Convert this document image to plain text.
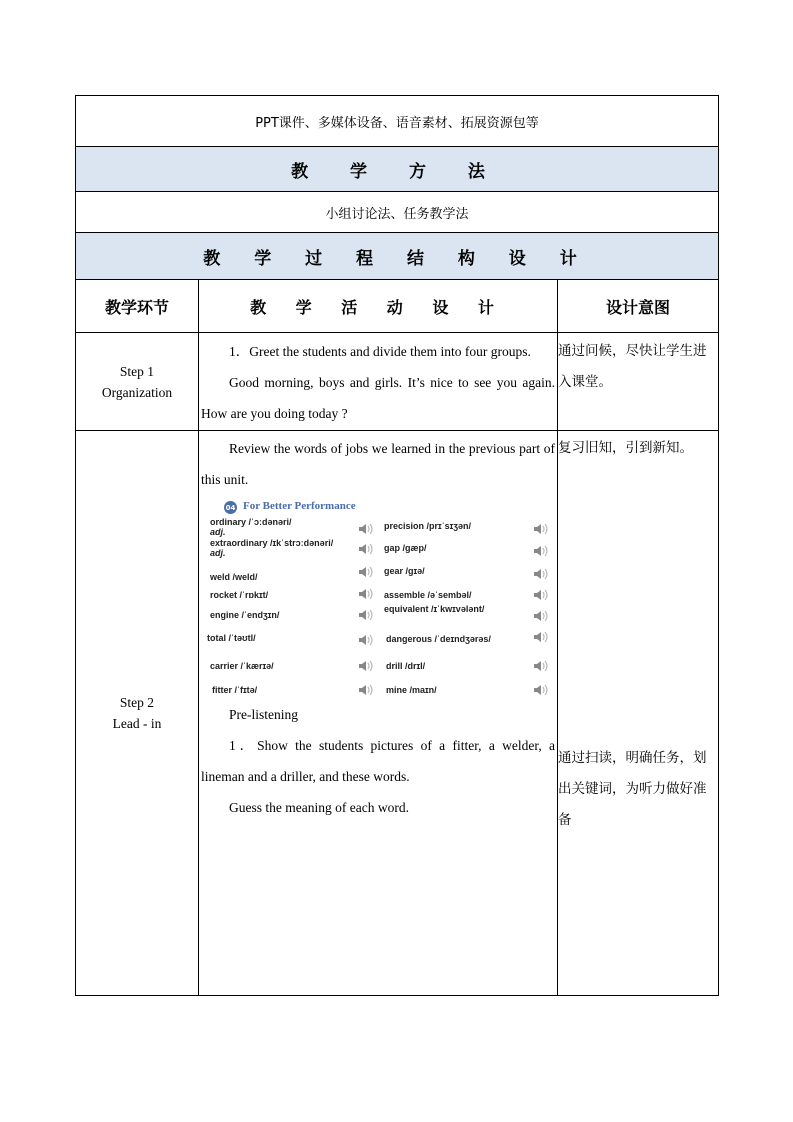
PPT课件、多媒体设备、语音素材、拓展资源包等
教 学 方 法
小组讨论法、任务教学法
教 学 过 程 结 构 设 计
教学环节	教 学 活 动 设 计	设计意图
Step 1
Organization

1．Greet the students and divide them into four groups.

Good morning, boys and girls. It’s nice to see you again. How are you doing today ?

通过问候，尽快让学生进入课堂。
Step 2
Lead - in

Review the words of jobs we learned in the previous part of this unit.

04 For Better Performance
ordinary /ˈɔːdənəri/
adj.
extraordinary /ɪkˈstrɔːdənəri/
adj.
weld /weld/
rocket /ˈrɒkɪt/
engine /ˈendʒɪn/
total /ˈtəʊtl/
carrier /ˈkærɪə/
fitter /ˈfɪtə/
precision /prɪˈsɪʒən/
gap /ɡæp/
gear /ɡɪə/
assemble /əˈsembəl/
equivalent /ɪˈkwɪvələnt/
dangerous /ˈdeɪndʒərəs/
drill /drɪl/
mine /maɪn/

Pre-listening

1．Show the students pictures of a fitter, a welder, a lineman and a driller, and these words.

Guess the meaning of each word.

复习旧知，引到新知。
通过扫读，明确任务，划出关键词，为听力做好准备
